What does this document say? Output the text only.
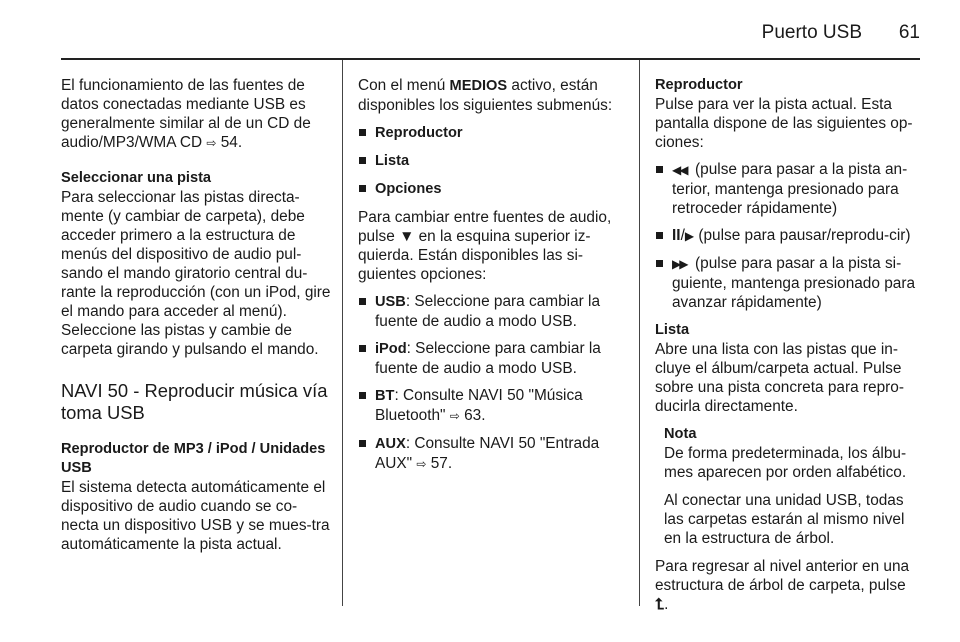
Puerto USB 61

El funcionamiento de las fuentes de datos conectadas mediante USB es generalmente similar al de un CD de audio/MP3/WMA CD ⇨ 54.

Seleccionar una pista

Para seleccionar las pistas directa-mente (y cambiar de carpeta), debe acceder primero a la estructura de menús del dispositivo de audio pul-sando el mando giratorio central du-rante la reproducción (con un iPod, gire el mando para acceder al menú). Seleccione las pistas y cambie de carpeta girando y pulsando el mando.

NAVI 50 - Reproducir música vía toma USB

Reproductor de MP3 / iPod / Unidades USB

El sistema detecta automáticamente el dispositivo de audio cuando se co-necta un dispositivo USB y se mues-tra automáticamente la pista actual.

Con el menú MEDIOS activo, están disponibles los siguientes submenús:

Reproductor

Lista

Opciones

Para cambiar entre fuentes de audio, pulse ▼ en la esquina superior iz-quierda. Están disponibles las si-guientes opciones:

USB: Seleccione para cambiar la fuente de audio a modo USB.

iPod: Seleccione para cambiar la fuente de audio a modo USB.

BT: Consulte NAVI 50 "Música Bluetooth" ⇨ 63.

AUX: Consulte NAVI 50 "Entrada AUX" ⇨ 57.

Reproductor

Pulse para ver la pista actual. Esta pantalla dispone de las siguientes op-ciones:

◀◀ (pulse para pasar a la pista an-terior, mantenga presionado para retroceder rápidamente)

II/▶ (pulse para pausar/reprodu-cir)

▶▶ (pulse para pasar a la pista si-guiente, mantenga presionado para avanzar rápidamente)

Lista

Abre una lista con las pistas que in-cluye el álbum/carpeta actual. Pulse sobre una pista concreta para repro-ducirla directamente.

Nota

De forma predeterminada, los álbu-mes aparecen por orden alfabético.

Al conectar una unidad USB, todas las carpetas estarán al mismo nivel en la estructura de árbol.

Para regresar al nivel anterior en una estructura de árbol de carpeta, pulse ⮤.
